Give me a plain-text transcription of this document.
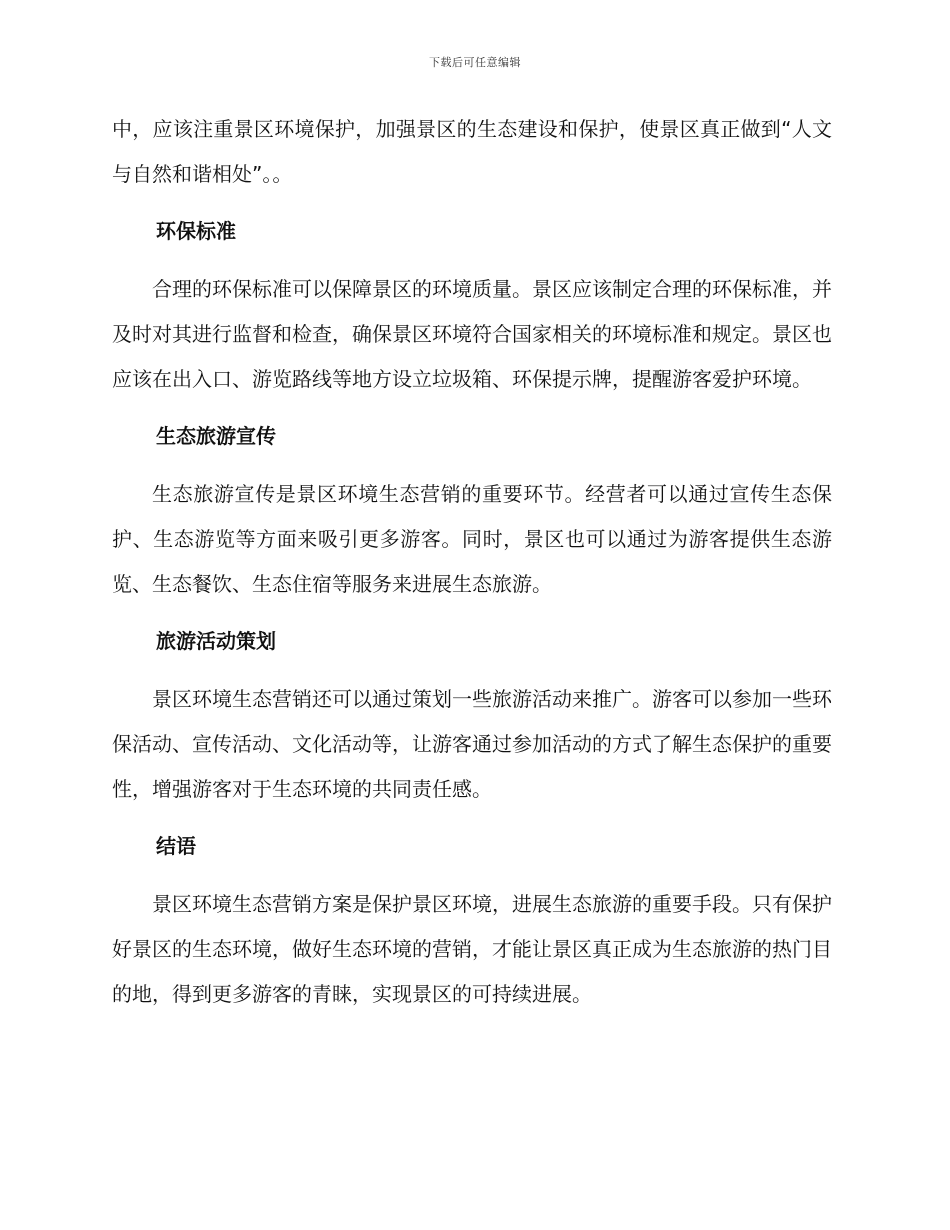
下载后可任意编辑

中，应该注重景区环境保护，加强景区的生态建设和保护，使景区真正做到“人文与自然和谐相处”。。

环保标准

合理的环保标准可以保障景区的环境质量。景区应该制定合理的环保标准，并及时对其进行监督和检查，确保景区环境符合国家相关的环境标准和规定。景区也应该在出入口、游览路线等地方设立垃圾箱、环保提示牌，提醒游客爱护环境。

生态旅游宣传

生态旅游宣传是景区环境生态营销的重要环节。经营者可以通过宣传生态保护、生态游览等方面来吸引更多游客。同时，景区也可以通过为游客提供生态游览、生态餐饮、生态住宿等服务来进展生态旅游。

旅游活动策划

景区环境生态营销还可以通过策划一些旅游活动来推广。游客可以参加一些环保活动、宣传活动、文化活动等，让游客通过参加活动的方式了解生态保护的重要性，增强游客对于生态环境的共同责任感。

结语

景区环境生态营销方案是保护景区环境，进展生态旅游的重要手段。只有保护好景区的生态环境，做好生态环境的营销，才能让景区真正成为生态旅游的热门目的地，得到更多游客的青睐，实现景区的可持续进展。
